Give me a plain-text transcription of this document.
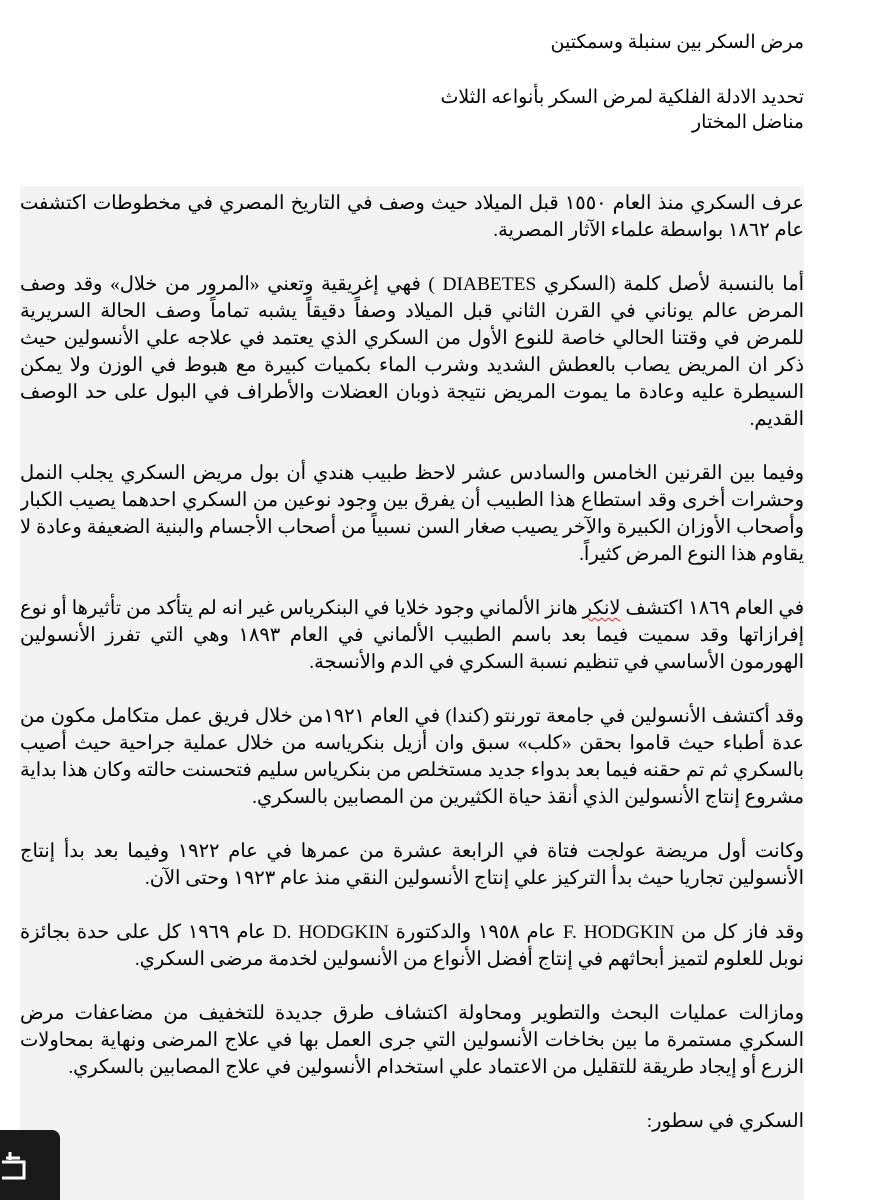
مرض السكر بين سنبلة وسمكتين
تحديد الادلة الفلكية لمرض السكر بأنواعه الثلاث
مناضل المختار

عرف السكري منذ العام ١٥٥٠ قبل الميلاد حيث وصف في التاريخ المصري في مخطوطات اكتشفت عام ١٨٦٢ بواسطة علماء الآثار المصرية.

أما بالنسبة لأصل كلمة (السكري DIABETES ) فهي إغريقية وتعني «المرور من خلال» وقد وصف المرض عالم يوناني في القرن الثاني قبل الميلاد وصفاً دقيقاً يشبه تماماً وصف الحالة السريرية للمرض في وقتنا الحالي خاصة للنوع الأول من السكري الذي يعتمد في علاجه علي الأنسولين حيث ذكر ان المريض يصاب بالعطش الشديد وشرب الماء بكميات كبيرة مع هبوط في الوزن ولا يمكن السيطرة عليه وعادة ما يموت المريض نتيجة ذوبان العضلات والأطراف في البول على حد الوصف القديم.

وفيما بين القرنين الخامس والسادس عشر لاحظ طبيب هندي أن بول مريض السكري يجلب النمل وحشرات أخرى وقد استطاع هذا الطبيب أن يفرق بين وجود نوعين من السكري احدهما يصيب الكبار وأصحاب الأوزان الكبيرة والآخر يصيب صغار السن نسبياً من أصحاب الأجسام والبنية الضعيفة وعادة لا يقاوم هذا النوع المرض كثيراً.

في العام ١٨٦٩ اكتشف لانكر هانز الألماني وجود خلايا في البنكرياس غير انه لم يتأكد من تأثيرها أو نوع إفرازاتها وقد سميت فيما بعد باسم الطبيب الألماني في العام ١٨٩٣ وهي التي تفرز الأنسولين الهورمون الأساسي في تنظيم نسبة السكري في الدم والأنسجة.

وقد أكتشف الأنسولين في جامعة تورنتو (كندا) في العام ١٩٢١من خلال فريق عمل متكامل مكون من عدة أطباء حيث قاموا بحقن «كلب» سبق وان أزيل بنكرياسه من خلال عملية جراحية حيث أصيب بالسكري ثم تم حقنه فيما بعد بدواء جديد مستخلص من بنكرياس سليم فتحسنت حالته وكان هذا بداية مشروع إنتاج الأنسولين الذي أنقذ حياة الكثيرين من المصابين بالسكري.

وكانت أول مريضة عولجت فتاة في الرابعة عشرة من عمرها في عام ١٩٢٢ وفيما بعد بدأ إنتاج الأنسولين تجاريا حيث بدأ التركيز علي إنتاج الأنسولين النقي منذ عام ١٩٢٣ وحتى الآن.

وقد فاز كل من F. HODGKIN عام ١٩٥٨ والدكتورة D. HODGKIN عام ١٩٦٩ كل على حدة بجائزة نوبل للعلوم لتميز أبحاثهم في إنتاج أفضل الأنواع من الأنسولين لخدمة مرضى السكري.

ومازالت عمليات البحث والتطوير ومحاولة اكتشاف طرق جديدة للتخفيف من مضاعفات مرض السكري مستمرة ما بين بخاخات الأنسولين التي جرى العمل بها في علاج المرضى ونهاية بمحاولات الزرع أو إيجاد طريقة للتقليل من الاعتماد علي استخدام الأنسولين في علاج المصابين بالسكري.

السكري في سطور:
